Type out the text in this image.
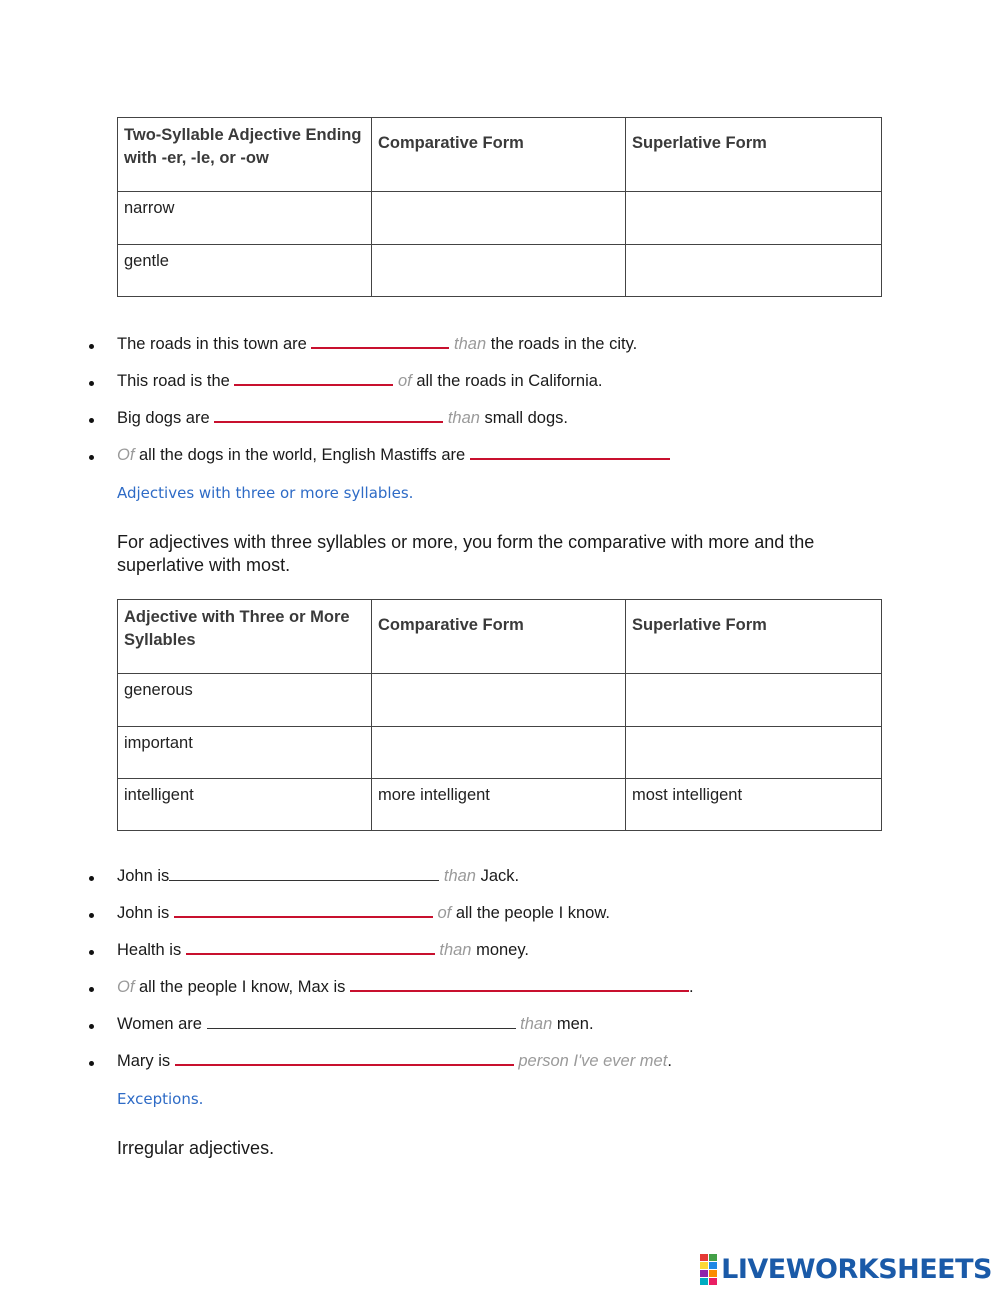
Two-Syllable Adjective Ending with -er, -le, or -ow	Comparative Form	Superlative Form
narrow		
gentle		
The roads in this town are	than the roads in the city.
This road is the	of all the roads in California.
Big dogs are	than small dogs.
Of all the dogs in the world, English Mastiffs are
Adjectives with three or more syllables.
For adjectives with three syllables or more, you form the comparative with more and the superlative with most.
Adjective with Three or More Syllables	Comparative Form	Superlative Form
generous		
important		
intelligent	more intelligent	most intelligent
John is	than Jack.
John is	of all the people I know.
Health is	than money.
Of all the people I know, Max is	.
Women are	than men.
Mary is	person I've ever met.
Exceptions.
Irregular adjectives.
LIVEWORKSHEETS
